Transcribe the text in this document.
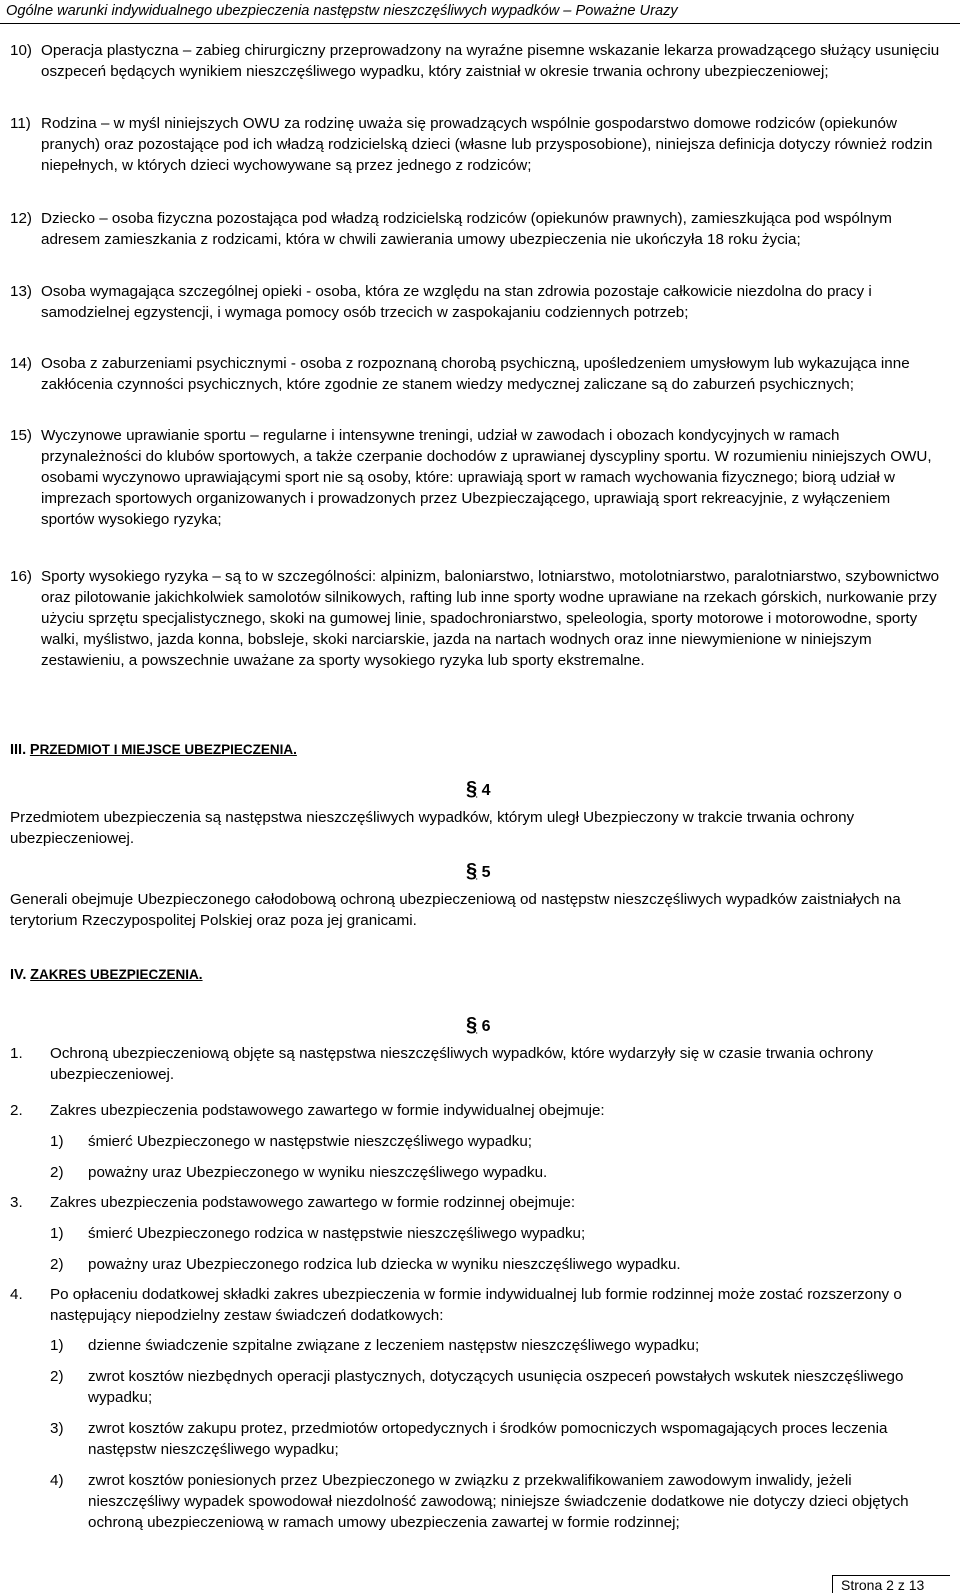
Ogólne warunki indywidualnego ubezpieczenia następstw nieszczęśliwych wypadków – Poważne Urazy
10) Operacja plastyczna – zabieg chirurgiczny przeprowadzony na wyraźne pisemne wskazanie lekarza prowadzącego służący usunięciu oszpeceń będących wynikiem nieszczęśliwego wypadku, który zaistniał w okresie trwania ochrony ubezpieczeniowej;
11) Rodzina – w myśl niniejszych OWU za rodzinę uważa się prowadzących wspólnie gospodarstwo domowe rodziców (opiekunów pranych) oraz pozostające pod ich władzą rodzicielską dzieci (własne lub przysposobione), niniejsza definicja dotyczy również rodzin niepełnych, w których dzieci wychowywane są przez jednego z rodziców;
12) Dziecko – osoba fizyczna pozostająca pod władzą rodzicielską rodziców (opiekunów prawnych), zamieszkująca pod wspólnym adresem zamieszkania z rodzicami, która w chwili zawierania umowy ubezpieczenia nie ukończyła 18 roku życia;
13) Osoba wymagająca szczególnej opieki - osoba, która ze względu na stan zdrowia pozostaje całkowicie niezdolna do pracy i samodzielnej egzystencji, i wymaga pomocy osób trzecich w zaspokajaniu codziennych potrzeb;
14) Osoba z zaburzeniami psychicznymi - osoba z rozpoznaną chorobą psychiczną, upośledzeniem umysłowym lub wykazująca inne zakłócenia czynności psychicznych, które zgodnie ze stanem wiedzy medycznej zaliczane są do zaburzeń psychicznych;
15) Wyczynowe uprawianie sportu – regularne i intensywne treningi, udział w zawodach i obozach kondycyjnych w ramach przynależności do klubów sportowych, a także czerpanie dochodów z uprawianej dyscypliny sportu. W rozumieniu niniejszych OWU, osobami wyczynowo uprawiającymi sport nie są osoby, które: uprawiają sport w ramach wychowania fizycznego; biorą udział w imprezach sportowych organizowanych i prowadzonych przez Ubezpieczającego, uprawiają sport rekreacyjnie, z wyłączeniem sportów wysokiego ryzyka;
16) Sporty wysokiego ryzyka – są to w szczególności: alpinizm, baloniarstwo, lotniarstwo, motolotniarstwo, paralotniarstwo, szybownictwo oraz pilotowanie jakichkolwiek samolotów silnikowych, rafting lub inne sporty wodne uprawiane na rzekach górskich, nurkowanie przy użyciu sprzętu specjalistycznego, skoki na gumowej linie, spadochroniarstwo, speleologia, sporty motorowe i motorowodne, sporty walki, myślistwo, jazda konna, bobsleje, skoki narciarskie, jazda na nartach wodnych oraz inne niewymienione w niniejszym zestawieniu, a powszechnie uważane za sporty wysokiego ryzyka lub sporty ekstremalne.
III. PRZEDMIOT I MIEJSCE UBEZPIECZENIA.
§ 4
Przedmiotem ubezpieczenia są następstwa nieszczęśliwych wypadków, którym uległ Ubezpieczony w trakcie trwania ochrony ubezpieczeniowej.
§ 5
Generali obejmuje Ubezpieczonego całodobową ochroną ubezpieczeniową od następstw nieszczęśliwych wypadków zaistniałych na terytorium Rzeczypospolitej Polskiej oraz poza jej granicami.
IV. ZAKRES UBEZPIECZENIA.
§ 6
1.	Ochroną ubezpieczeniową objęte są następstwa nieszczęśliwych wypadków, które wydarzyły się w czasie trwania ochrony ubezpieczeniowej.
2.	Zakres ubezpieczenia podstawowego zawartego w formie indywidualnej obejmuje:
1)	śmierć Ubezpieczonego w następstwie nieszczęśliwego wypadku;
2)	poważny uraz Ubezpieczonego w wyniku nieszczęśliwego wypadku.
3.	Zakres ubezpieczenia podstawowego zawartego w formie rodzinnej obejmuje:
1)	śmierć Ubezpieczonego rodzica w następstwie nieszczęśliwego wypadku;
2)	poważny uraz Ubezpieczonego rodzica lub dziecka w wyniku nieszczęśliwego wypadku.
4.	Po opłaceniu dodatkowej składki zakres ubezpieczenia w formie indywidualnej lub formie rodzinnej może zostać rozszerzony o następujący niepodzielny zestaw świadczeń dodatkowych:
1)	dzienne świadczenie szpitalne związane z leczeniem następstw nieszczęśliwego wypadku;
2)	zwrot kosztów niezbędnych operacji plastycznych, dotyczących usunięcia oszpeceń powstałych wskutek nieszczęśliwego wypadku;
3)	zwrot kosztów zakupu protez, przedmiotów ortopedycznych i środków pomocniczych wspomagających proces leczenia następstw nieszczęśliwego wypadku;
4)	zwrot kosztów poniesionych przez Ubezpieczonego w związku z przekwalifikowaniem zawodowym inwalidy, jeżeli nieszczęśliwy wypadek spowodował niezdolność zawodową; niniejsze świadczenie dodatkowe nie dotyczy dzieci objętych ochroną ubezpieczeniową w ramach umowy ubezpieczenia zawartej w formie rodzinnej;
Strona 2 z 13
